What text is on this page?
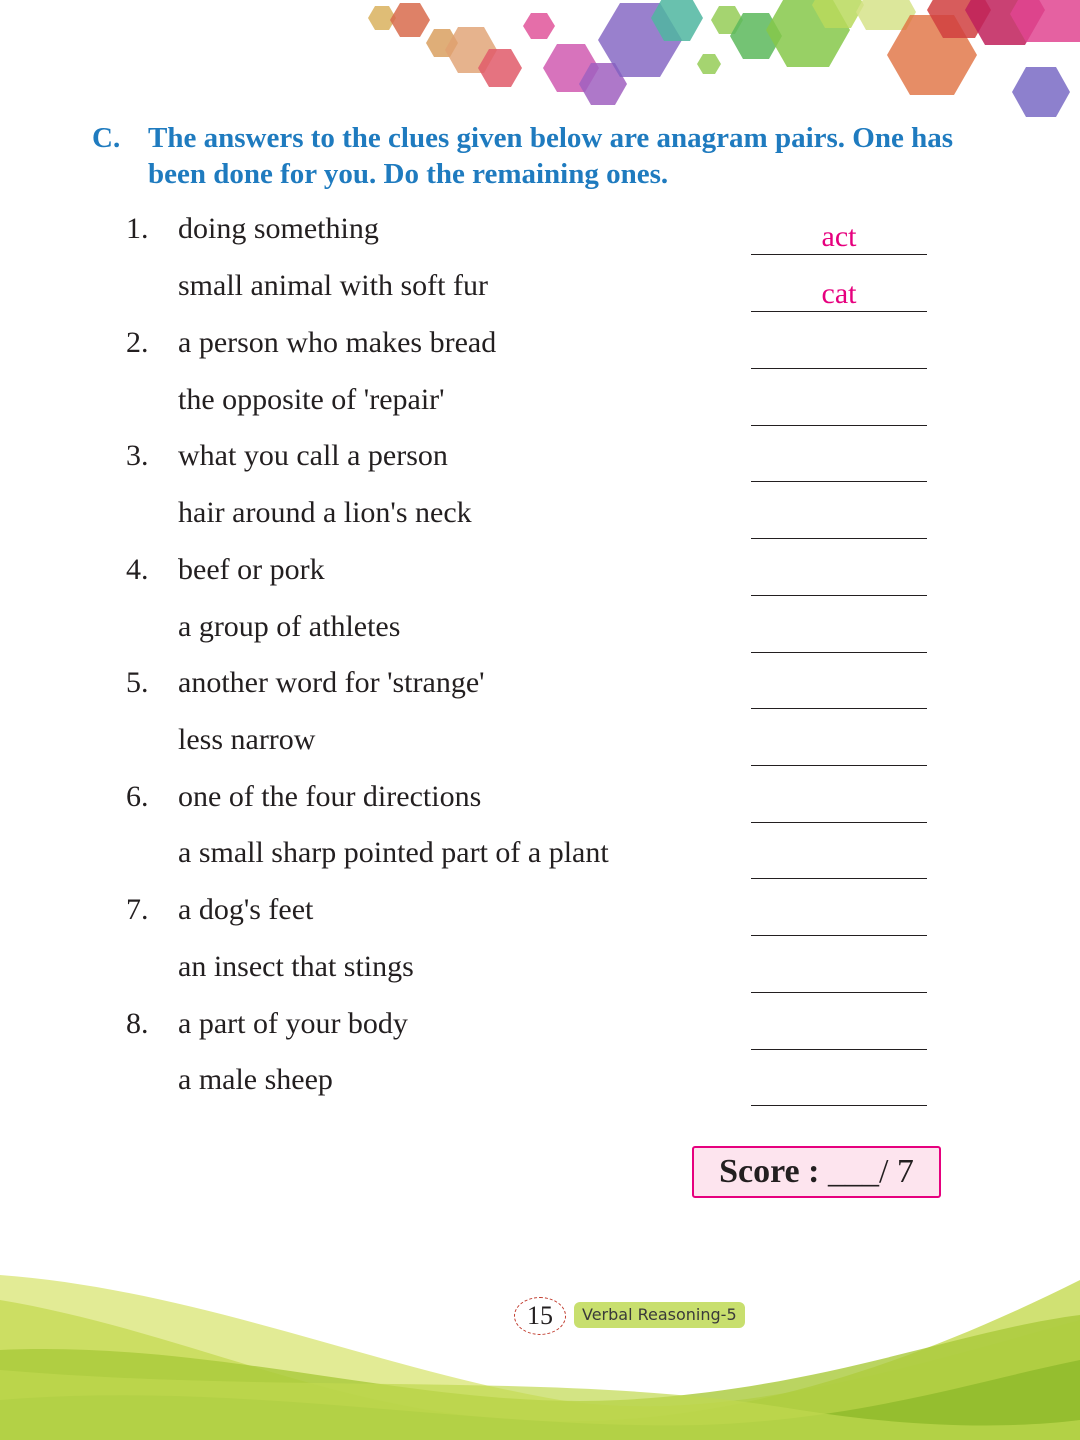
C. The answers to the clues given below are anagram pairs. One has been done for you. Do the remaining ones.
1. doing something	act
small animal with soft fur	cat
2. a person who makes bread
the opposite of 'repair'
3. what you call a person
hair around a lion's neck
4. beef or pork
a group of athletes
5. another word for 'strange'
less narrow
6. one of the four directions
a small sharp pointed part of a plant
7. a dog's feet
an insect that stings
8. a part of your body
a male sheep
Score : ___/ 7
15	Verbal Reasoning-5
